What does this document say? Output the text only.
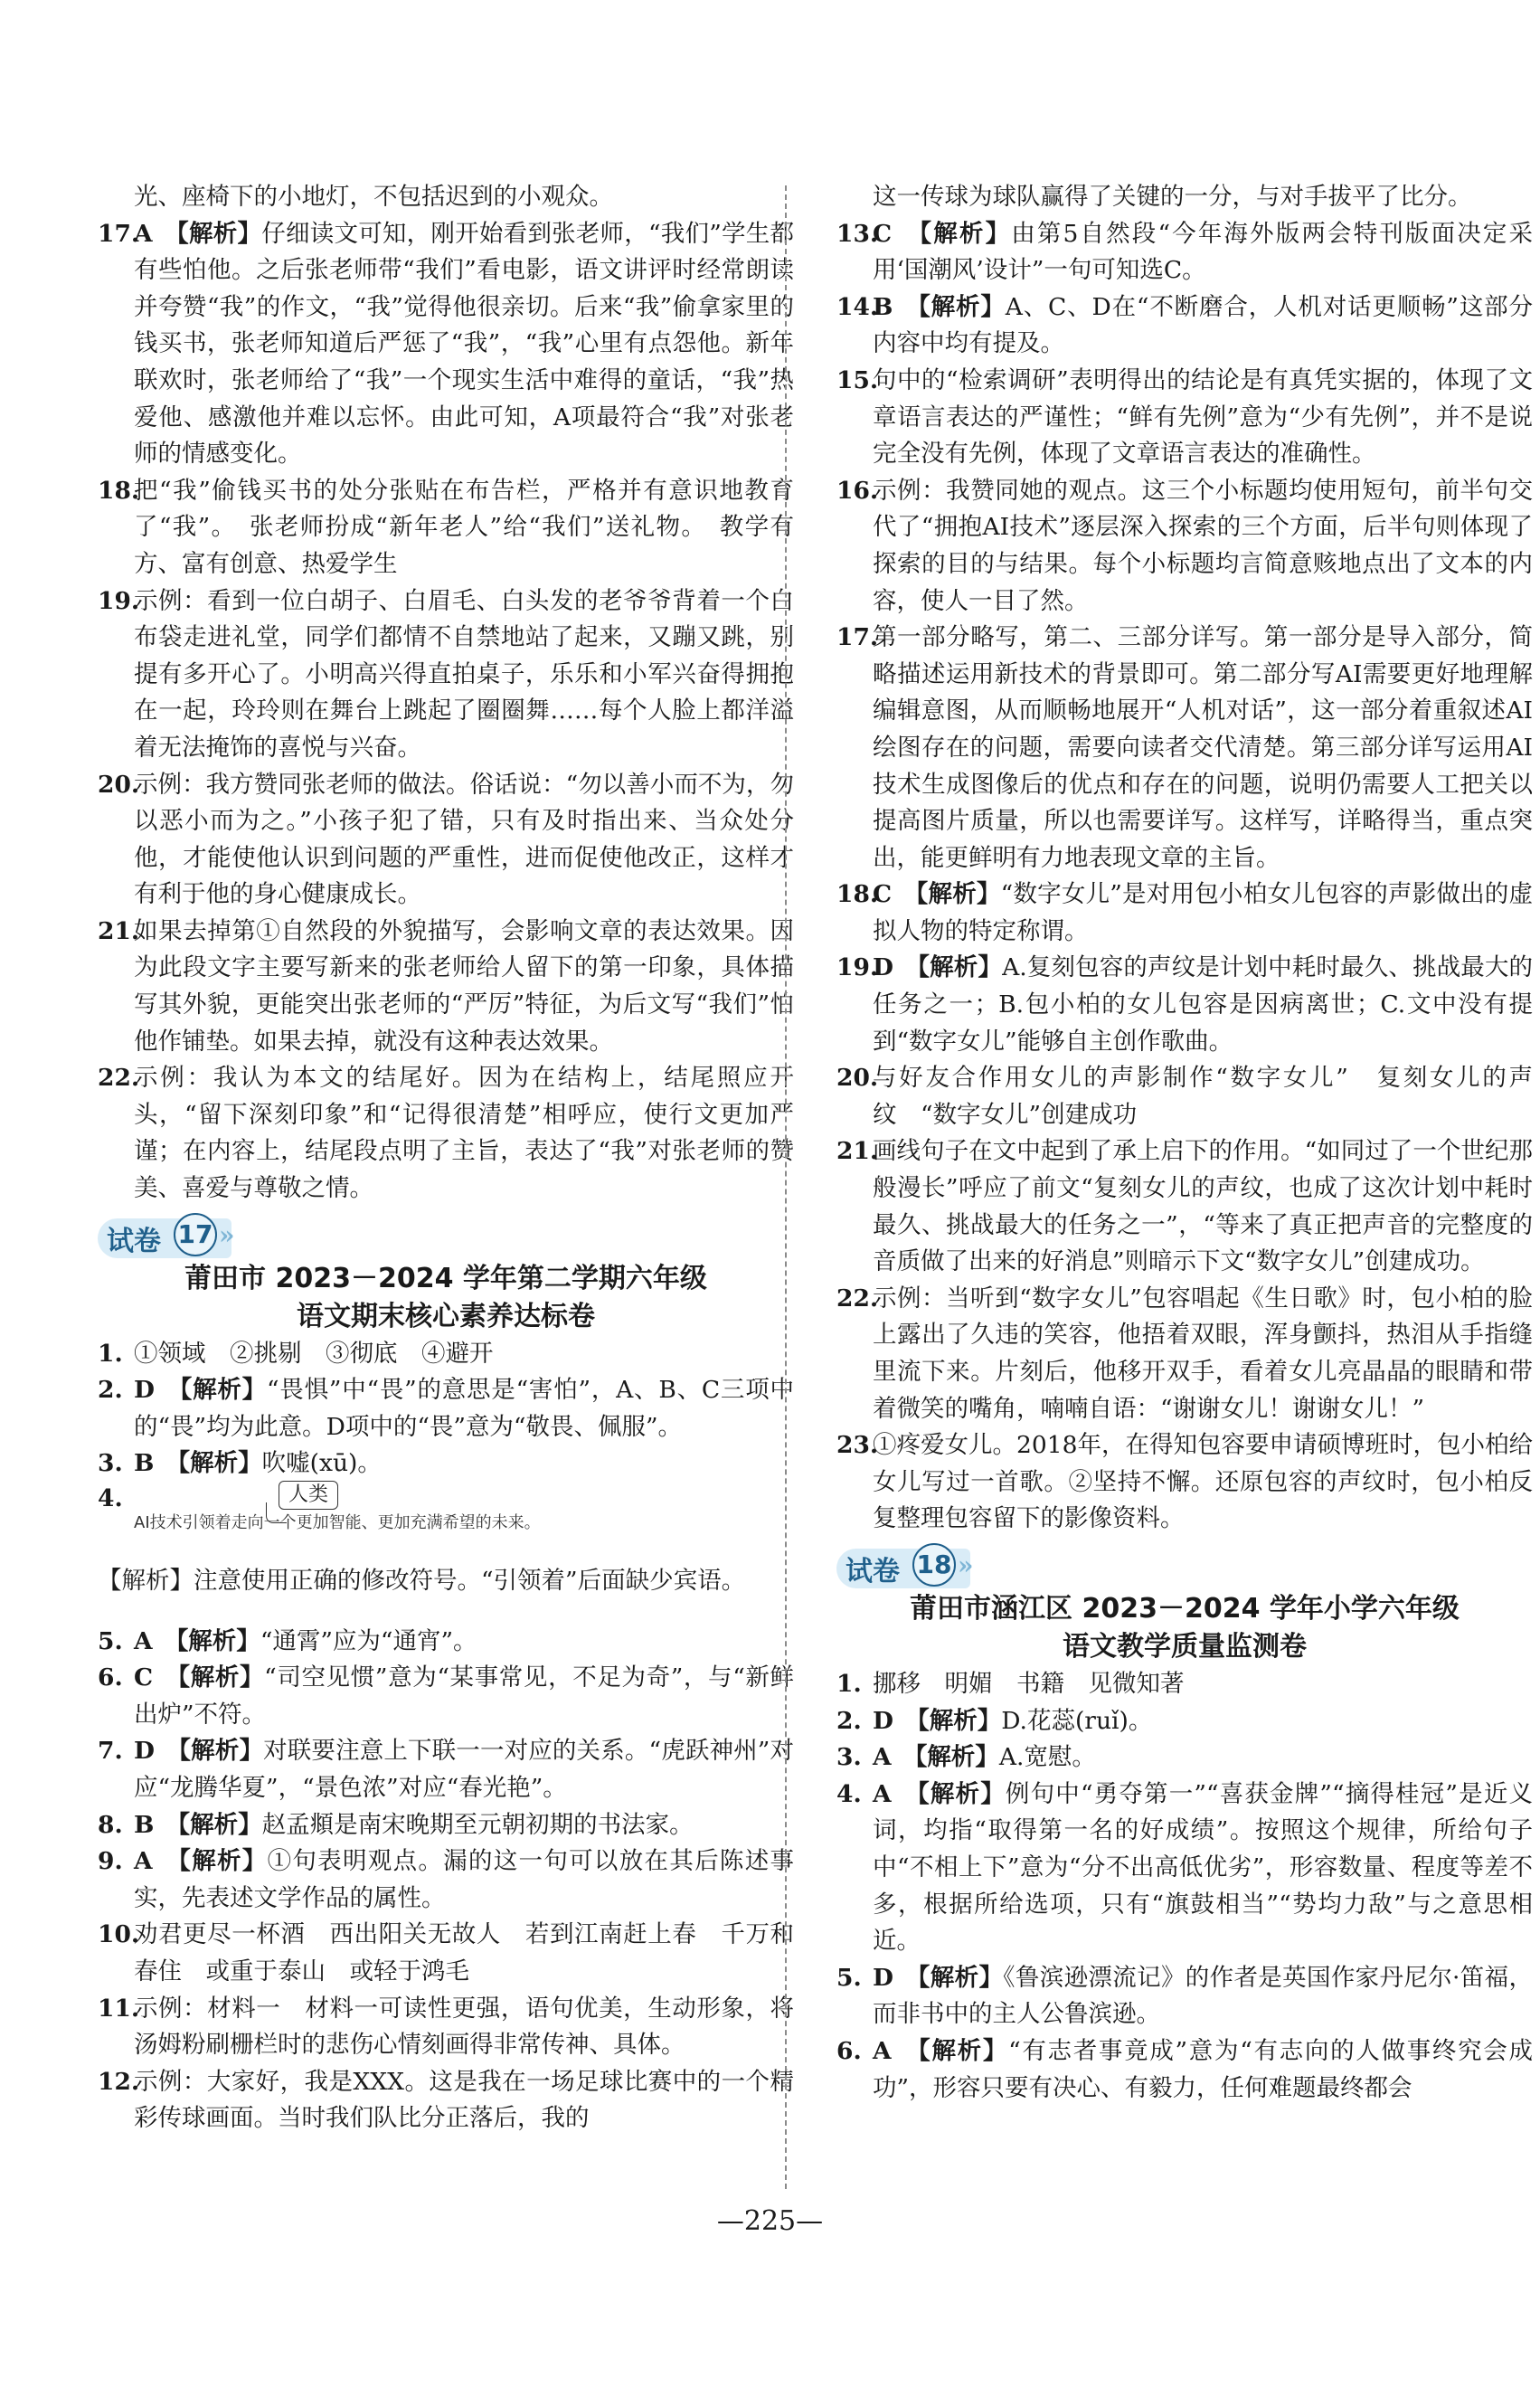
光、座椅下的小地灯，不包括迟到的小观众。

17.
A　 【解析】仔细读文可知，刚开始看到张老师，“我们”学生都有些怕他。之后张老师带“我们”看电影，语文讲评时经常朗读并夸赞“我”的作文，“我”觉得他很亲切。后来“我”偷拿家里的钱买书，张老师知道后严惩了“我”，“我”心里有点怨他。新年联欢时，张老师给了“我”一个现实生活中难得的童话，“我”热爱他、感激他并难以忘怀。由此可知，A项最符合“我”对张老师的情感变化。

18.
把“我”偷钱买书的处分张贴在布告栏，严格并有意识地教育了“我”。　张老师扮成“新年老人”给“我们”送礼物。　教学有方、富有创意、热爱学生

19.
示例：看到一位白胡子、白眉毛、白头发的老爷爷背着一个白布袋走进礼堂，同学们都情不自禁地站了起来，又蹦又跳，别提有多开心了。小明高兴得直拍桌子，乐乐和小军兴奋得拥抱在一起，玲玲则在舞台上跳起了圈圈舞……每个人脸上都洋溢着无法掩饰的喜悦与兴奋。

20.
示例：我方赞同张老师的做法。俗话说：“勿以善小而不为，勿以恶小而为之。”小孩子犯了错，只有及时指出来、当众处分他，才能使他认识到问题的严重性，进而促使他改正，这样才有利于他的身心健康成长。

21.
如果去掉第①自然段的外貌描写，会影响文章的表达效果。因为此段文字主要写新来的张老师给人留下的第一印象，具体描写其外貌，更能突出张老师的“严厉”特征，为后文写“我们”怕他作铺垫。如果去掉，就没有这种表达效果。

22.
示例：我认为本文的结尾好。因为在结构上，结尾照应开头，“留下深刻印象”和“记得很清楚”相呼应，使行文更加严谨；在内容上，结尾段点明了主旨，表达了“我”对张老师的赞美、喜爱与尊敬之情。

试卷 17 »

莆田市 2023－2024 学年第二学期六年级

语文期末核心素养达标卷

1. ①领域　②挑剔　③彻底　④避开

2. D　 【解析】“畏惧”中“畏”的意思是“害怕”，A、B、C三项中的“畏”均为此意。D项中的“畏”意为“敬畏、佩服”。

3. B　 【解析】吹嘘(xū)。

4.	人类
AI技术引领着走向一个更加智能、更加充满希望的未来。

【解析】注意使用正确的修改符号。“引领着”后面缺少宾语。

5. A　 【解析】“通霄”应为“通宵”。

6. C　 【解析】“司空见惯”意为“某事常见，不足为奇”，与“新鲜出炉”不符。

7. D　 【解析】对联要注意上下联一一对应的关系。“虎跃神州”对应“龙腾华夏”，“景色浓”对应“春光艳”。

8. B　 【解析】赵孟頫是南宋晚期至元朝初期的书法家。

9. A　 【解析】①句表明观点。漏的这一句可以放在其后陈述事实，先表述文学作品的属性。

10.
劝君更尽一杯酒　西出阳关无故人　若到江南赶上春　千万和春住　或重于泰山　或轻于鸿毛

11.
示例：材料一　材料一可读性更强，语句优美，生动形象，将汤姆粉刷栅栏时的悲伤心情刻画得非常传神、具体。

12.
示例：大家好，我是XXX。这是我在一场足球比赛中的一个精彩传球画面。当时我们队比分正落后，我的

这一传球为球队赢得了关键的一分，与对手拔平了比分。

13.
C　 【解析】由第5自然段“今年海外版两会特刊版面决定采用‘国潮风’设计”一句可知选C。

14.
B　 【解析】A、C、D在“不断磨合，人机对话更顺畅”这部分内容中均有提及。

15.
句中的“检索调研”表明得出的结论是有真凭实据的，体现了文章语言表达的严谨性；“鲜有先例”意为“少有先例”，并不是说完全没有先例，体现了文章语言表达的准确性。

16.
示例：我赞同她的观点。这三个小标题均使用短句，前半句交代了“拥抱AI技术”逐层深入探索的三个方面，后半句则体现了探索的目的与结果。每个小标题均言简意赅地点出了文本的内容，使人一目了然。

17.
第一部分略写，第二、三部分详写。第一部分是导入部分，简略描述运用新技术的背景即可。第二部分写AI需要更好地理解编辑意图，从而顺畅地展开“人机对话”，这一部分着重叙述AI绘图存在的问题，需要向读者交代清楚。第三部分详写运用AI技术生成图像后的优点和存在的问题，说明仍需要人工把关以提高图片质量，所以也需要详写。这样写，详略得当，重点突出，能更鲜明有力地表现文章的主旨。

18.
C　 【解析】“数字女儿”是对用包小柏女儿包容的声影做出的虚拟人物的特定称谓。

19.
D　 【解析】A.复刻包容的声纹是计划中耗时最久、挑战最大的任务之一；B.包小柏的女儿包容是因病离世；C.文中没有提到“数字女儿”能够自主创作歌曲。

20.
与好友合作用女儿的声影制作“数字女儿”　复刻女儿的声纹　“数字女儿”创建成功

21.
画线句子在文中起到了承上启下的作用。“如同过了一个世纪那般漫长”呼应了前文“复刻女儿的声纹，也成了这次计划中耗时最久、挑战最大的任务之一”，“等来了真正把声音的完整度的音质做了出来的好消息”则暗示下文“数字女儿”创建成功。

22.
示例：当听到“数字女儿”包容唱起《生日歌》时，包小柏的脸上露出了久违的笑容，他捂着双眼，浑身颤抖，热泪从手指缝里流下来。片刻后，他移开双手，看着女儿亮晶晶的眼睛和带着微笑的嘴角，喃喃自语：“谢谢女儿！谢谢女儿！”

23.
①疼爱女儿。2018年，在得知包容要申请硕博班时，包小柏给女儿写过一首歌。②坚持不懈。还原包容的声纹时，包小柏反复整理包容留下的影像资料。

试卷 18 »

莆田市涵江区 2023－2024 学年小学六年级

语文教学质量监测卷

1. 挪移　明媚　书籍　见微知著

2. D　 【解析】D.花蕊(ruǐ)。

3. A　 【解析】A.宽慰。

4. A　 【解析】例句中“勇夺第一”“喜获金牌”“摘得桂冠”是近义词，均指“取得第一名的好成绩”。按照这个规律，所给句子中“不相上下”意为“分不出高低优劣”，形容数量、程度等差不多，根据所给选项，只有“旗鼓相当”“势均力敌”与之意思相近。

5. D　 【解析】《鲁滨逊漂流记》的作者是英国作家丹尼尔·笛福，而非书中的主人公鲁滨逊。

6. A　 【解析】“有志者事竟成”意为“有志向的人做事终究会成功”，形容只要有决心、有毅力，任何难题最终都会

—225—
